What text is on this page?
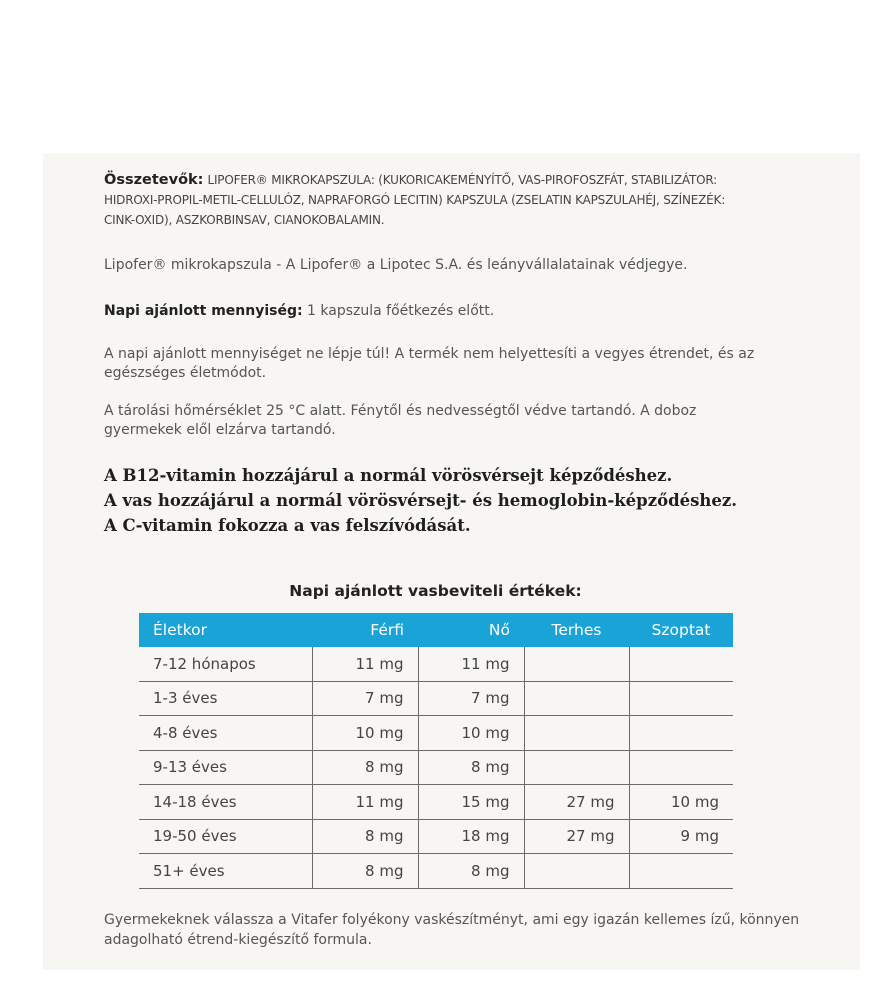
Összetevők: LIPOFER® MIKROKAPSZULA: (KUKORICAKEMÉNYÍTŐ, VAS-PIROFOSZFÁT, STABILIZÁTOR: HIDROXI-PROPIL-METIL-CELLULÓZ, NAPRAFORGÓ LECITIN) KAPSZULA (ZSELATIN KAPSZULAHÉJ, SZÍNEZÉK: CINK-OXID), ASZKORBINSAV, CIANOKOBALAMIN.
Lipofer® mikrokapszula - A Lipofer® a Lipotec S.A. és leányvállalatainak védjegye.
Napi ajánlott mennyiség: 1 kapszula főétkezés előtt.
A napi ajánlott mennyiséget ne lépje túl! A termék nem helyettesíti a vegyes étrendet, és az egészséges életmódot.
A tárolási hőmérséklet 25 °C alatt. Fénytől és nedvességtől védve tartandó. A doboz gyermekek elől elzárva tartandó.
A B12-vitamin hozzájárul a normál vörösvérsejt képződéshez.
A vas hozzájárul a normál vörösvérsejt- és hemoglobin-képződéshez.
A C-vitamin fokozza a vas felszívódását.
Napi ajánlott vasbeviteli értékek:
Életkor	Férfi	Nő	Terhes	Szoptat
7-12 hónapos	11 mg	11 mg		
1-3 éves	7 mg	7 mg		
4-8 éves	10 mg	10 mg		
9-13 éves	8 mg	8 mg		
14-18 éves	11 mg	15 mg	27 mg	10 mg
19-50 éves	8 mg	18 mg	27 mg	9 mg
51+ éves	8 mg	8 mg		
Gyermekeknek válassza a Vitafer folyékony vaskészítményt, ami egy igazán kellemes ízű, könnyen adagolható étrend-kiegészítő formula.
